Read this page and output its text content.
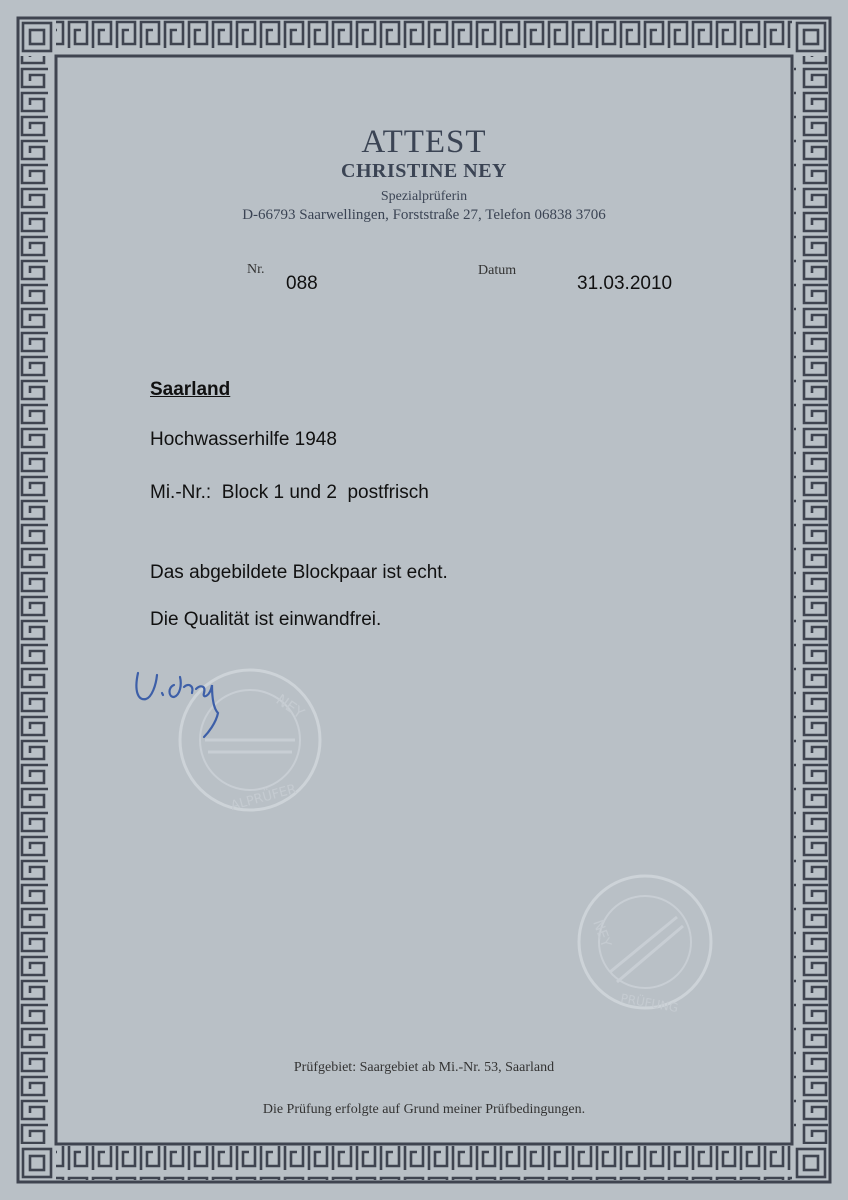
ATTEST
CHRISTINE NEY
Spezialprüferin
D-66793 Saarwellingen, Forststraße 27, Telefon 06838 3706
Nr.
088
Datum
31.03.2010
Saarland
Hochwasserhilfe 1948
Mi.-Nr.:  Block 1 und 2  postfrisch
Das abgebildete Blockpaar ist echt.
Die Qualität ist einwandfrei.
NEY
ALPRÜFER
NEY
PRÜFUNG
Prüfgebiet: Saargebiet ab Mi.-Nr. 53, Saarland
Die Prüfung erfolgte auf Grund meiner Prüfbedingungen.
